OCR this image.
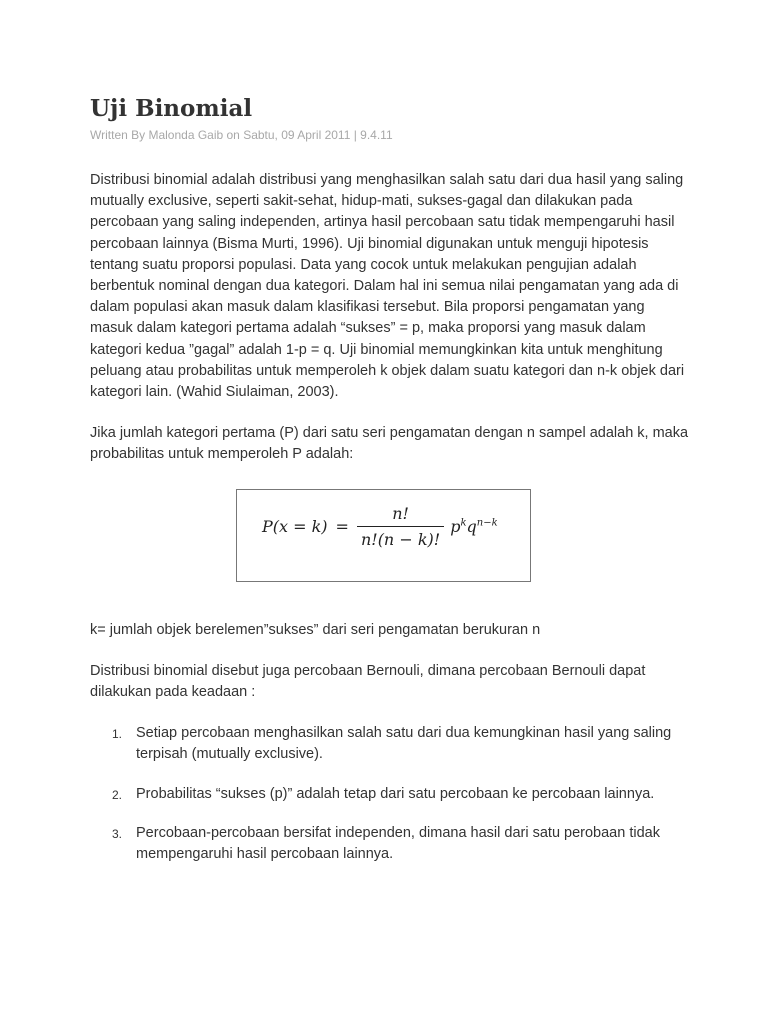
Uji Binomial
Written By Malonda Gaib on Sabtu, 09 April 2011 | 9.4.11

Distribusi binomial adalah distribusi yang menghasilkan salah satu dari dua hasil yang saling mutually exclusive, seperti sakit-sehat, hidup-mati, sukses-gagal dan dilakukan pada percobaan yang saling independen, artinya hasil percobaan satu tidak mempengaruhi hasil percobaan lainnya (Bisma Murti, 1996). Uji binomial digunakan untuk menguji hipotesis tentang suatu proporsi populasi. Data yang cocok untuk melakukan pengujian adalah berbentuk nominal dengan dua kategori. Dalam hal ini semua nilai pengamatan yang ada di dalam populasi akan masuk dalam klasifikasi tersebut. Bila proporsi pengamatan yang masuk dalam kategori pertama adalah “sukses” = p, maka proporsi yang masuk dalam kategori kedua ”gagal” adalah 1-p = q. Uji binomial memungkinkan kita untuk menghitung peluang atau probabilitas untuk memperoleh k objek dalam suatu kategori dan n-k objek dari kategori lain. (Wahid Siulaiman, 2003).

Jika jumlah kategori pertama (P) dari satu seri pengamatan dengan n sampel adalah k, maka probabilitas untuk memperoleh P adalah:

$P(x = k) = \frac{n!}{n!(n - k)!} p^k$ $q^{n-k}$

k= jumlah objek berelemen”sukses” dari seri pengamatan berukuran n

Distribusi binomial disebut juga percobaan Bernouli, dimana percobaan Bernouli dapat dilakukan pada keadaan :

1. Setiap percobaan menghasilkan salah satu dari dua kemungkinan hasil yang saling terpisah (mutually exclusive).
2. Probabilitas “sukses (p)” adalah tetap dari satu percobaan ke percobaan lainnya.
3. Percobaan-percobaan bersifat independen, dimana hasil dari satu perobaan tidak mempengaruhi hasil percobaan lainnya.
